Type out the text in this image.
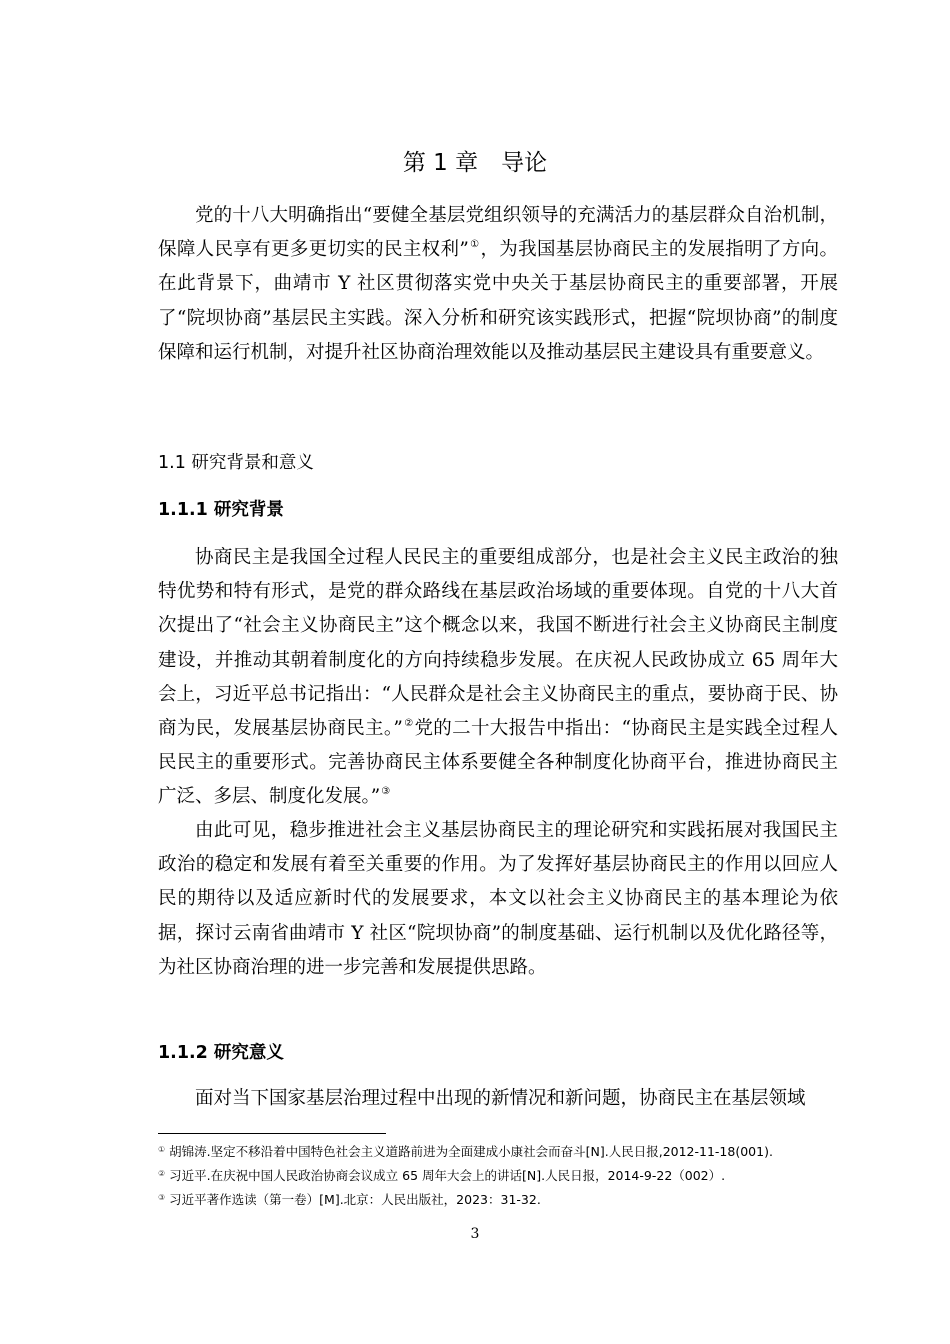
第 1 章　导论

党的十八大明确指出“要健全基层党组织领导的充满活力的基层群众自治机制，保障人民享有更多更切实的民主权利”①，为我国基层协商民主的发展指明了方向。在此背景下，曲靖市 Y 社区贯彻落实党中央关于基层协商民主的重要部署，开展了“院坝协商”基层民主实践。深入分析和研究该实践形式，把握“院坝协商”的制度保障和运行机制，对提升社区协商治理效能以及推动基层民主建设具有重要意义。

1.1 研究背景和意义
1.1.1 研究背景

协商民主是我国全过程人民民主的重要组成部分，也是社会主义民主政治的独特优势和特有形式，是党的群众路线在基层政治场域的重要体现。自党的十八大首次提出了“社会主义协商民主”这个概念以来，我国不断进行社会主义协商民主制度建设，并推动其朝着制度化的方向持续稳步发展。在庆祝人民政协成立 65 周年大会上，习近平总书记指出：“人民群众是社会主义协商民主的重点，要协商于民、协商为民，发展基层协商民主。”②党的二十大报告中指出：“协商民主是实践全过程人民民主的重要形式。完善协商民主体系要健全各种制度化协商平台，推进协商民主广泛、多层、制度化发展。”③

由此可见，稳步推进社会主义基层协商民主的理论研究和实践拓展对我国民主政治的稳定和发展有着至关重要的作用。为了发挥好基层协商民主的作用以回应人民的期待以及适应新时代的发展要求，本文以社会主义协商民主的基本理论为依据，探讨云南省曲靖市 Y 社区“院坝协商”的制度基础、运行机制以及优化路径等，为社区协商治理的进一步完善和发展提供思路。

1.1.2 研究意义

面对当下国家基层治理过程中出现的新情况和新问题，协商民主在基层领域

① 胡锦涛.坚定不移沿着中国特色社会主义道路前进为全面建成小康社会而奋斗[N].人民日报,2012-11-18(001).

② 习近平.在庆祝中国人民政治协商会议成立 65 周年大会上的讲话[N].人民日报，2014-9-22（002）.

③ 习近平著作选读（第一卷）[M].北京：人民出版社，2023：31-32.

3
